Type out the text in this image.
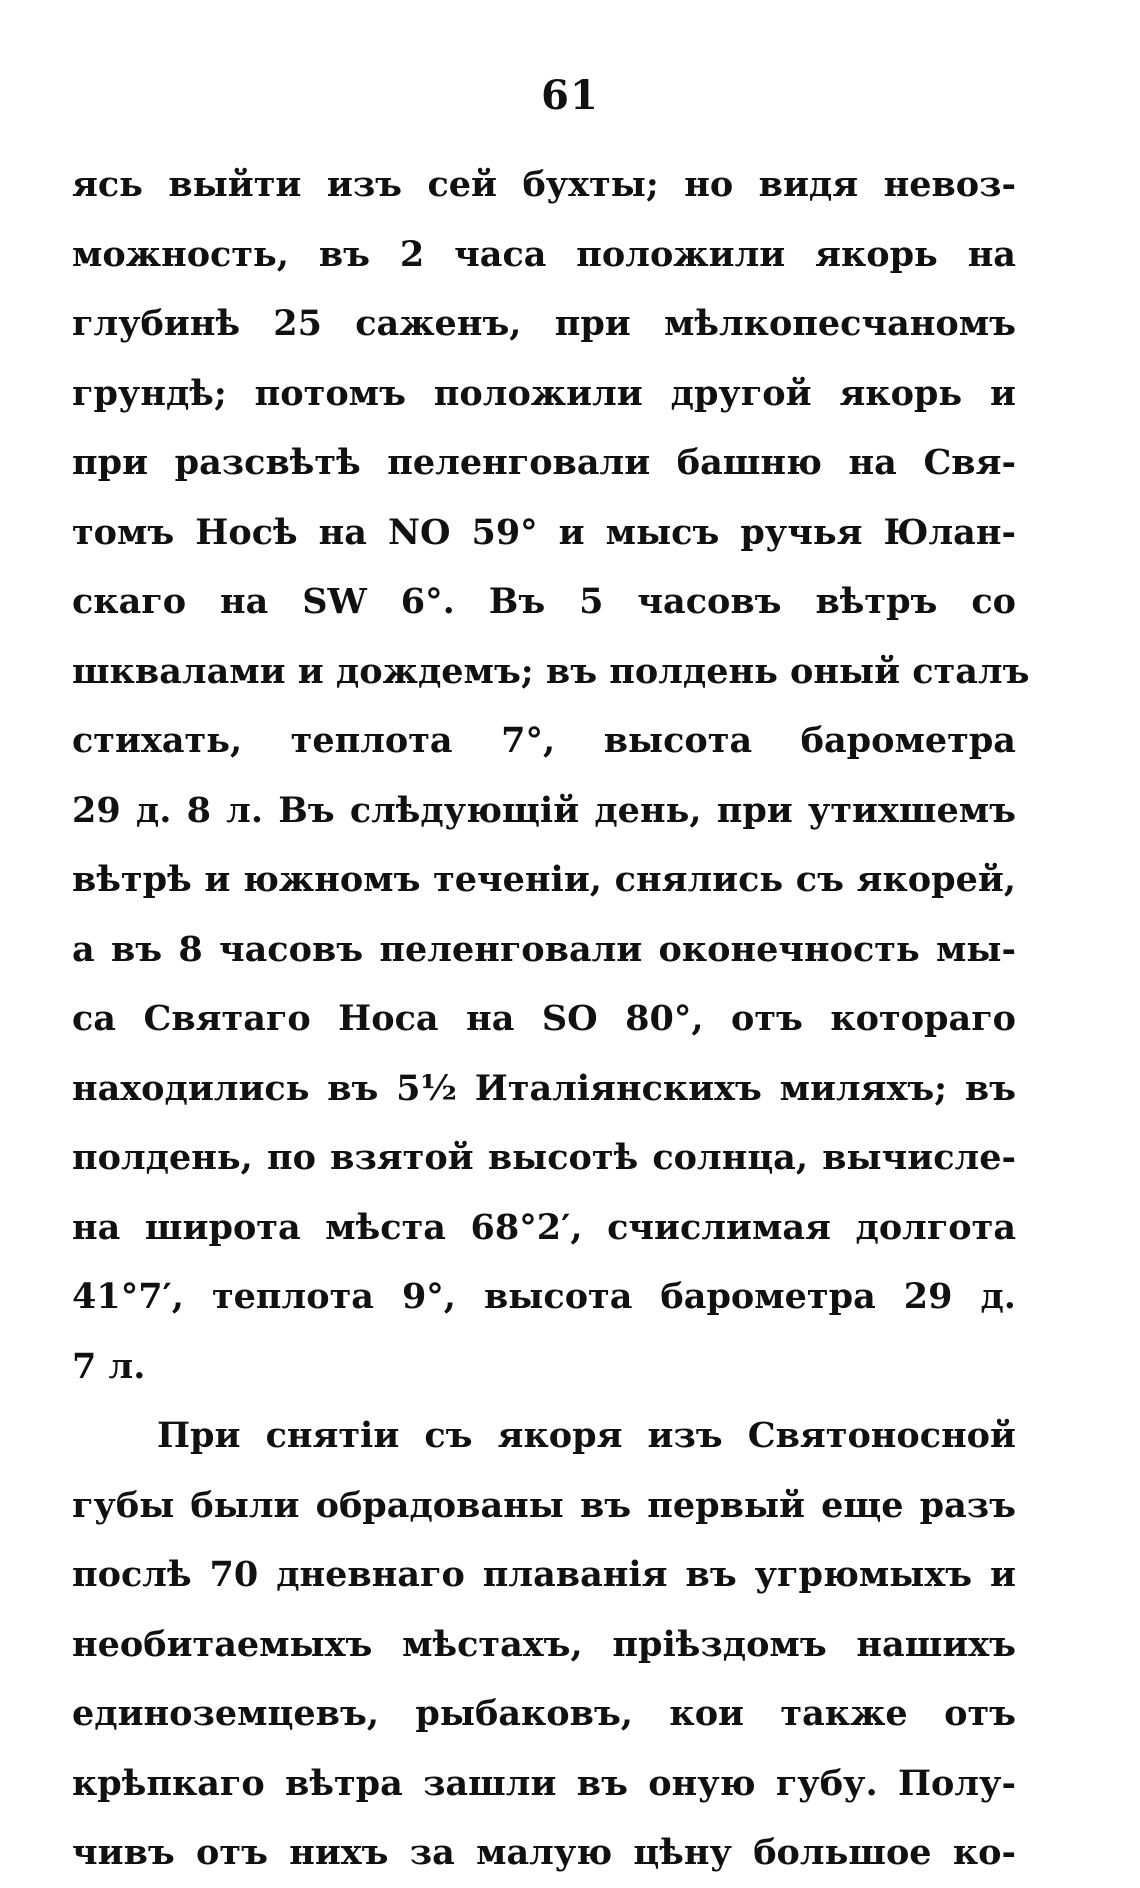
61
ясь выйти изъ сей бухты; но видя невоз-
можность, въ 2 часа положили якорь на
глубинѣ 25 саженъ, при мѣлкопесчаномъ
грундѣ; потомъ положили другой якорь и
при разсвѣтѣ пеленговали башню на Свя-
томъ Носѣ на NO 59° и мысъ ручья Юлан-
скаго на SW 6°. Въ 5 часовъ вѣтръ со
шквалами и дождемъ; въ полдень оный сталъ
стихать, теплота 7°, высота барометра
29 д. 8 л. Въ слѣдующій день, при утихшемъ
вѣтрѣ и южномъ теченіи, снялись съ якорей,
а въ 8 часовъ пеленговали оконечность мы-
са Святаго Носа на SO 80°, отъ котораго
находились въ 5½ Италіянскихъ миляхъ; въ
полдень, по взятой высотѣ солнца, вычисле-
на широта мѣста 68°2′, счислимая долгота
41°7′, теплота 9°, высота барометра 29 д.
7 л.
При снятіи съ якоря изъ Святоносной
губы были обрадованы въ первый еще разъ
послѣ 70 дневнаго плаванія въ угрюмыхъ и
необитаемыхъ мѣстахъ, пріѣздомъ нашихъ
единоземцевъ, рыбаковъ, кои также отъ
крѣпкаго вѣтра зашли въ оную губу. Полу-
чивъ отъ нихъ за малую цѣну большое ко-
